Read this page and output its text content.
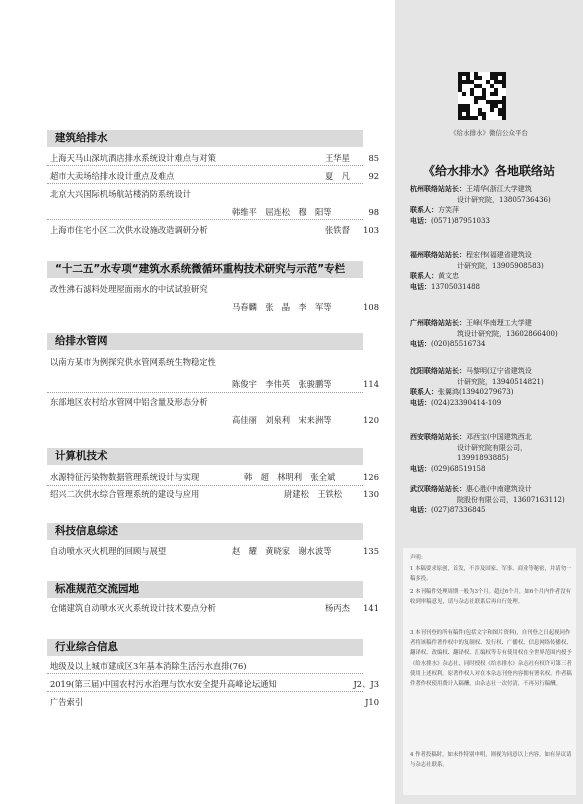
建筑给排水
上海天马山深坑酒店排水系统设计难点与对策	王华星 85
超市大卖场给排水设计重点及难点	夏　凡 92
北京大兴国际机场航站楼消防系统设计
韩维平　屈连松　穆　阳等	98
上海市住宅小区二次供水设施改造调研分析	张铁督 103
“十二五”水专项“建筑水系统微循环重构技术研究与示范”专栏
改性沸石滤料处理屋面雨水的中试试验研究
马春麟　张　晶　李　军等	108
给排水管网
以南方某市为例探究供水管网系统生物稳定性
陈俊宇　李伟英　张骏鹏等	114
东部地区农村给水管网中铝含量及形态分析
高佳丽　刘泉利　宋来洲等	120
计算机技术
水源特征污染物数据管理系统设计与实现	韩　超　林明利　张全斌	126
绍兴二次供水综合管理系统的建设与应用	尉建松　王铁松	130
科技信息综述
自动喷水灭火机理的回顾与展望	赵　耀　黄晓家　谢水波等	135
标准规范交流园地
仓储建筑自动喷水灭火系统设计技术要点分析	杨丙杰 141
行业综合信息
地级及以上城市建成区3年基本消除生活污水直排(76)
2019(第三届)中国农村污水治理与饮水安全提升高峰论坛通知	J2、J3
广告索引	J10
《给水排水》微信公众平台
《给水排水》各地联络站
杭州联络站站长：王靖华(浙江大学建筑
设计研究院，13805736436)
联系人：方笑萍
电话：(0571)87951033
福州联络站站长：程宏伟(福建省建筑设
计研究院，13905908583)
联系人：黄文忠
电话：13705031488
广州联络站站长：王峰(华南理工大学建
筑设计研究院，13602866400)
电话：(020)85516734
沈阳联络站站长：马黎明(辽宁省建筑设
计研究院，13940514821)
联系人：张翼鸿(13940279673)
电话：(024)23390414-109
西安联络站站长：邓西宝(中国建筑西北
设计研究院有限公司，13991893885)
电话：(029)68519158
武汉联络站站长：惠心胜(中南建筑设计
院股份有限公司，13607163112)
电话：(027)87336845
声明：
1 本稿要求原创，首发，不涉及国家、军事、商业等秘密，并请勿一稿多投。
2 本刊稿件处理周期一般为3个月。超过6个月，如6个月内作者没有收到审稿意见，请与杂志社联系后再自行处理。
3 本刊刊登的所有稿件(包括文字和图片资料)，自刊登之日起视同作者将该稿件著作权中的复制权、发行权、广播权、信息网络传播权、翻译权、改编权、翻译权、汇编权等专有使用权在全世界范围内授予《给水排水》杂志社，同时授权《给水排水》杂志社有权许可第三者使用上述权利。原著作权人对在本杂志刊登内容拥有署名权。作者稿件著作权使用费计入稿酬，由杂志社一次付清，不再另行稿酬。
4 作者投稿时，如未作特别申明，则视为同意以上内容，如有异议请与杂志社联系。
